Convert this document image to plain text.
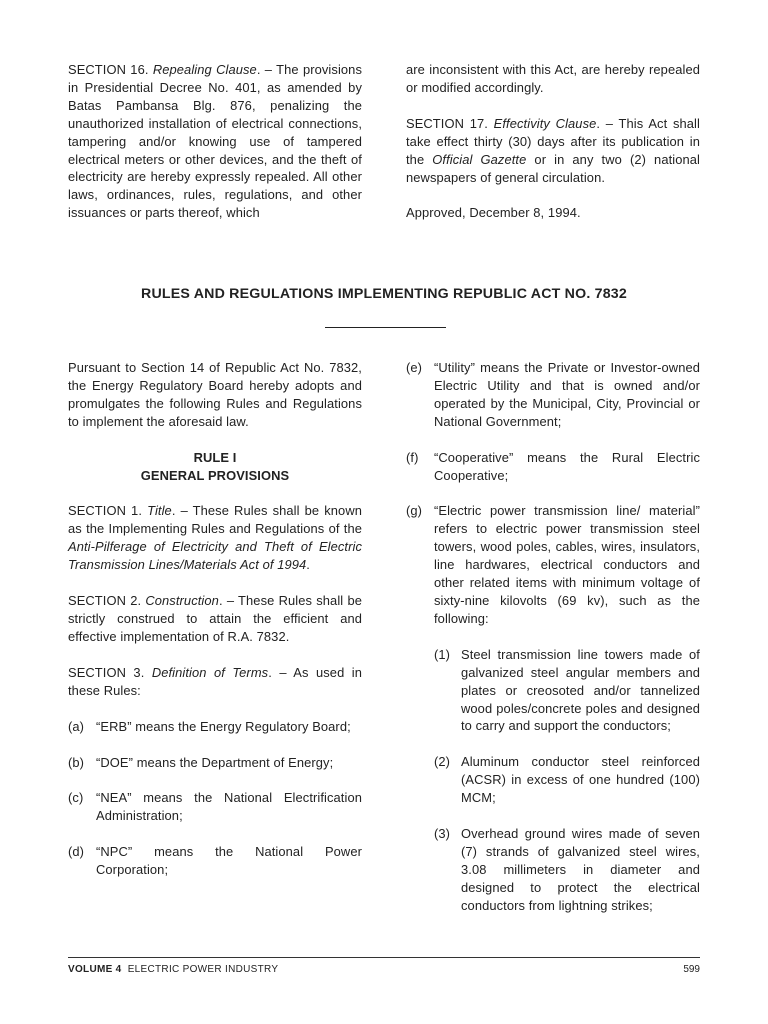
SECTION 16. Repealing Clause. – The provisions in Presidential Decree No. 401, as amended by Batas Pambansa Blg. 876, penalizing the unauthorized installation of electrical connections, tampering and/or knowing use of tampered electrical meters or other devices, and the theft of electricity are hereby expressly repealed. All other laws, ordinances, rules, regulations, and other issuances or parts thereof, which

are inconsistent with this Act, are hereby repealed or modified accordingly.

SECTION 17. Effectivity Clause. – This Act shall take effect thirty (30) days after its publication in the Official Gazette or in any two (2) national newspapers of general circulation.

Approved, December 8, 1994.

RULES AND REGULATIONS IMPLEMENTING REPUBLIC ACT NO. 7832

Pursuant to Section 14 of Republic Act No. 7832, the Energy Regulatory Board hereby adopts and promulgates the following Rules and Regulations to implement the aforesaid law.

RULE I
GENERAL PROVISIONS

SECTION 1. Title. – These Rules shall be known as the Implementing Rules and Regulations of the Anti-Pilferage of Electricity and Theft of Electric Transmission Lines/Materials Act of 1994.

SECTION 2. Construction. – These Rules shall be strictly construed to attain the efficient and effective implementation of R.A. 7832.

SECTION 3. Definition of Terms. – As used in these Rules:

(a) “ERB” means the Energy Regulatory Board;
(b) “DOE” means the Department of Energy;
(c) “NEA” means the National Electrification Administration;
(d) “NPC” means the National Power Corporation;
(e) “Utility” means the Private or Investor-owned Electric Utility and that is owned and/or operated by the Municipal, City, Provincial or National Government;
(f)	“Cooperative” means the Rural Electric Cooperative;
(g) “Electric power transmission line/ material” refers to electric power transmission steel towers, wood poles, cables, wires, insulators, line hardwares, electrical conductors and other related items with minimum voltage of sixty-nine kilovolts (69 kv), such as the following:
(1) Steel transmission line towers made of galvanized steel angular members and plates or creosoted and/or tannelized wood poles/concrete poles and designed to carry and support the conductors;
(2) Aluminum conductor steel reinforced (ACSR) in excess of one hundred (100) MCM;
(3) Overhead ground wires made of seven (7) strands of galvanized steel wires, 3.08 millimeters in diameter and designed to protect the electrical conductors from lightning strikes;
VOLUME 4 ELECTRIC POWER INDUSTRY	599
